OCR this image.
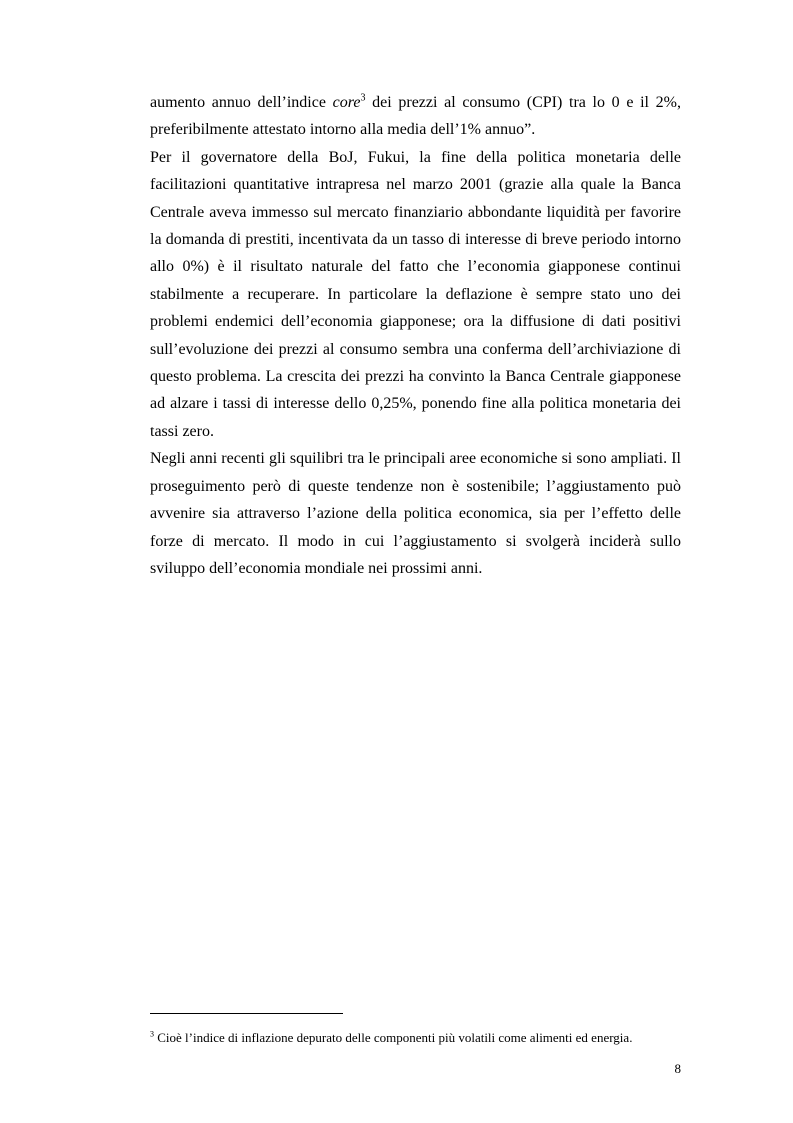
aumento annuo dell’indice core$^3$ dei prezzi al consumo (CPI) tra lo 0 e il 2%, preferibilmente attestato intorno alla media dell’1% annuo”.

Per il governatore della BoJ, Fukui, la fine della politica monetaria delle facilitazioni quantitative intrapresa nel marzo 2001 (grazie alla quale la Banca Centrale aveva immesso sul mercato finanziario abbondante liquidità per favorire la domanda di prestiti, incentivata da un tasso di interesse di breve periodo intorno allo 0%) è il risultato naturale del fatto che l’economia giapponese continui stabilmente a recuperare. In particolare la deflazione è sempre stato uno dei problemi endemici dell’economia giapponese; ora la diffusione di dati positivi sull’evoluzione dei prezzi al consumo sembra una conferma dell’archiviazione di questo problema. La crescita dei prezzi ha convinto la Banca Centrale giapponese ad alzare i tassi di interesse dello 0,25%, ponendo fine alla politica monetaria dei tassi zero.

Negli anni recenti gli squilibri tra le principali aree economiche si sono ampliati. Il proseguimento però di queste tendenze non è sostenibile; l’aggiustamento può avvenire sia attraverso l’azione della politica economica, sia per l’effetto delle forze di mercato. Il modo in cui l’aggiustamento si svolgerà inciderà sullo sviluppo dell’economia mondiale nei prossimi anni.

$^3$ Cioè l’indice di inflazione depurato delle componenti più volatili come alimenti ed energia.
8
